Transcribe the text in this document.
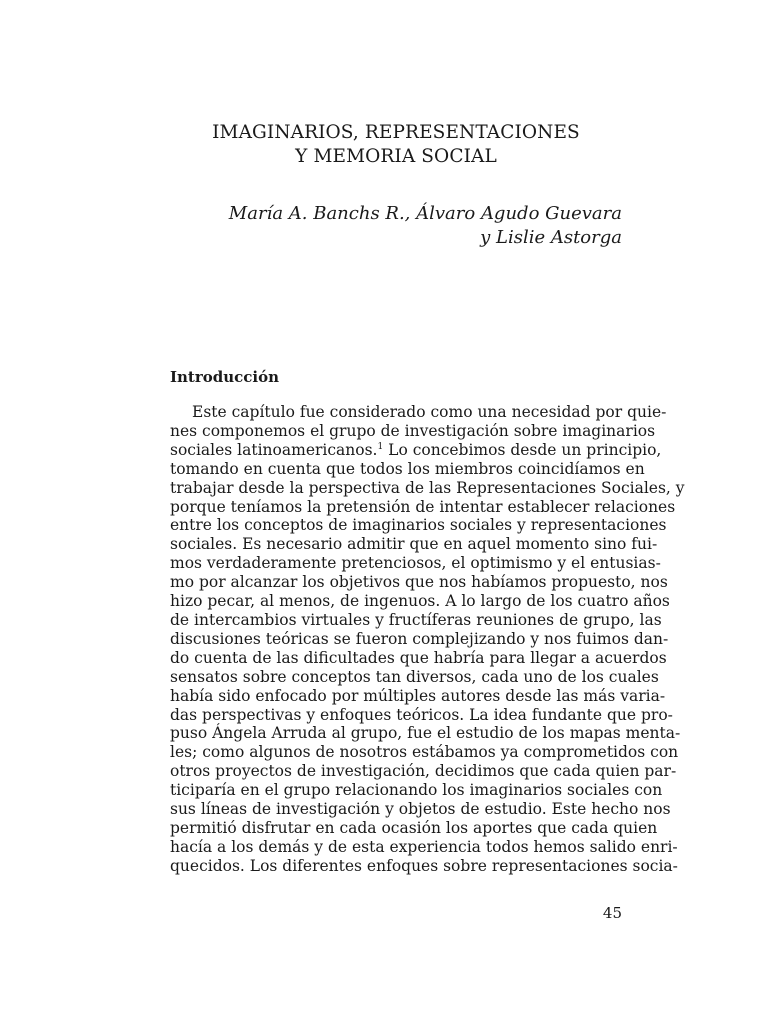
IMAGINARIOS, REPRESENTACIONES
Y MEMORIA SOCIAL
María A. Banchs R., Álvaro Agudo Guevara
y Lislie Astorga
Introducción
Este capítulo fue considerado como una necesidad por quie-
nes componemos el grupo de investigación sobre imaginarios
sociales latinoamericanos.$^1$ Lo concebimos desde un principio,
tomando en cuenta que todos los miembros coincidíamos en
trabajar desde la perspectiva de las Representaciones Sociales, y
porque teníamos la pretensión de intentar establecer relaciones
entre los conceptos de imaginarios sociales y representaciones
sociales. Es necesario admitir que en aquel momento sino fui-
mos verdaderamente pretenciosos, el optimismo y el entusias-
mo por alcanzar los objetivos que nos habíamos propuesto, nos
hizo pecar, al menos, de ingenuos. A lo largo de los cuatro años
de intercambios virtuales y fructíferas reuniones de grupo, las
discusiones teóricas se fueron complejizando y nos fuimos dan-
do cuenta de las dificultades que habría para llegar a acuerdos
sensatos sobre conceptos tan diversos, cada uno de los cuales
había sido enfocado por múltiples autores desde las más varia-
das perspectivas y enfoques teóricos. La idea fundante que pro-
puso Ángela Arruda al grupo, fue el estudio de los mapas menta-
les; como algunos de nosotros estábamos ya comprometidos con
otros proyectos de investigación, decidimos que cada quien par-
ticiparía en el grupo relacionando los imaginarios sociales con
sus líneas de investigación y objetos de estudio. Este hecho nos
permitió disfrutar en cada ocasión los aportes que cada quien
hacía a los demás y de esta experiencia todos hemos salido enri-
quecidos. Los diferentes enfoques sobre representaciones socia-
45
